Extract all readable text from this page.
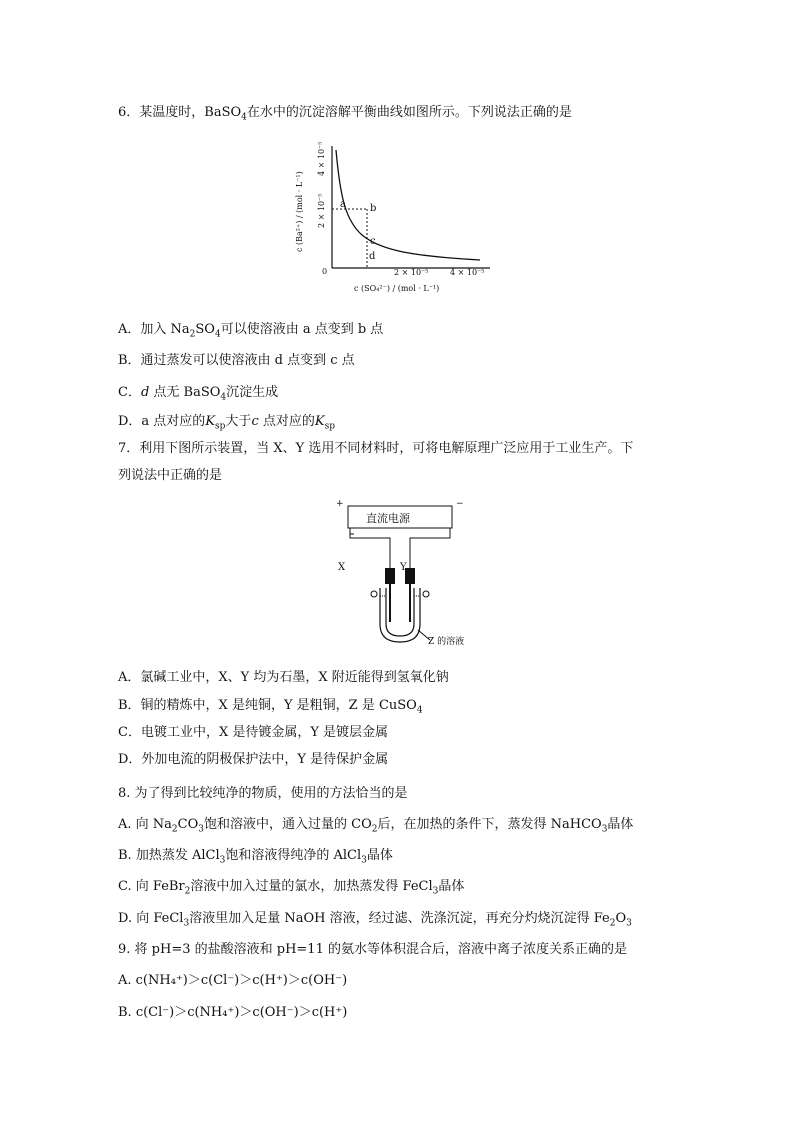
6．某温度时，BaSO$_4$在水中的沉淀溶解平衡曲线如图所示。下列说法正确的是
c (Ba²⁺) / (mol · L⁻¹)
4 × 10⁻⁵
2 × 10⁻⁵
0	2 × 10⁻⁵	4 × 10⁻⁵
c (SO₄²⁻) / (mol · L⁻¹)
a b
c
d
A．加入 $Na_2SO_4$可以使溶液由 a 点变到 b 点
B．通过蒸发可以使溶液由 d 点变到 c 点
C．d 点无 BaSO$_4$沉淀生成
D．a 点对应的$K_{sp}$大于c 点对应的$K_{sp}$
7．利用下图所示装置，当 X、Y 选用不同材料时，可将电解原理广泛应用于工业生产。下
列说法中正确的是
直流电源
+	−
X	Y
Z 的溶液
A．氯碱工业中，X、Y 均为石墨，X 附近能得到氢氧化钠
B．铜的精炼中，X 是纯铜，Y 是粗铜，Z 是 CuSO$_4$
C．电镀工业中，X 是待镀金属，Y 是镀层金属
D．外加电流的阴极保护法中，Y 是待保护金属
8. 为了得到比较纯净的物质，使用的方法恰当的是
A. 向 $Na_2CO_3$饱和溶液中，通入过量的 $CO_2$后，在加热的条件下，蒸发得 NaHCO$_3$晶体
B. 加热蒸发 AlCl$_3$饱和溶液得纯净的 AlCl$_3$晶体
C. 向 FeBr$_2$溶液中加入过量的氯水，加热蒸发得 FeCl$_3$晶体
D. 向 FeCl$_3$溶液里加入足量 NaOH 溶液，经过滤、洗涤沉淀，再充分灼烧沉淀得 $Fe_2O_3$
9. 将 pH=3 的盐酸溶液和 pH=11 的氨水等体积混合后，溶液中离子浓度关系正确的是
A. c(NH₄⁺)＞c(Cl⁻)＞c(H⁺)＞c(OH⁻)
B. c(Cl⁻)＞c(NH₄⁺)＞c(OH⁻)＞c(H⁺)
